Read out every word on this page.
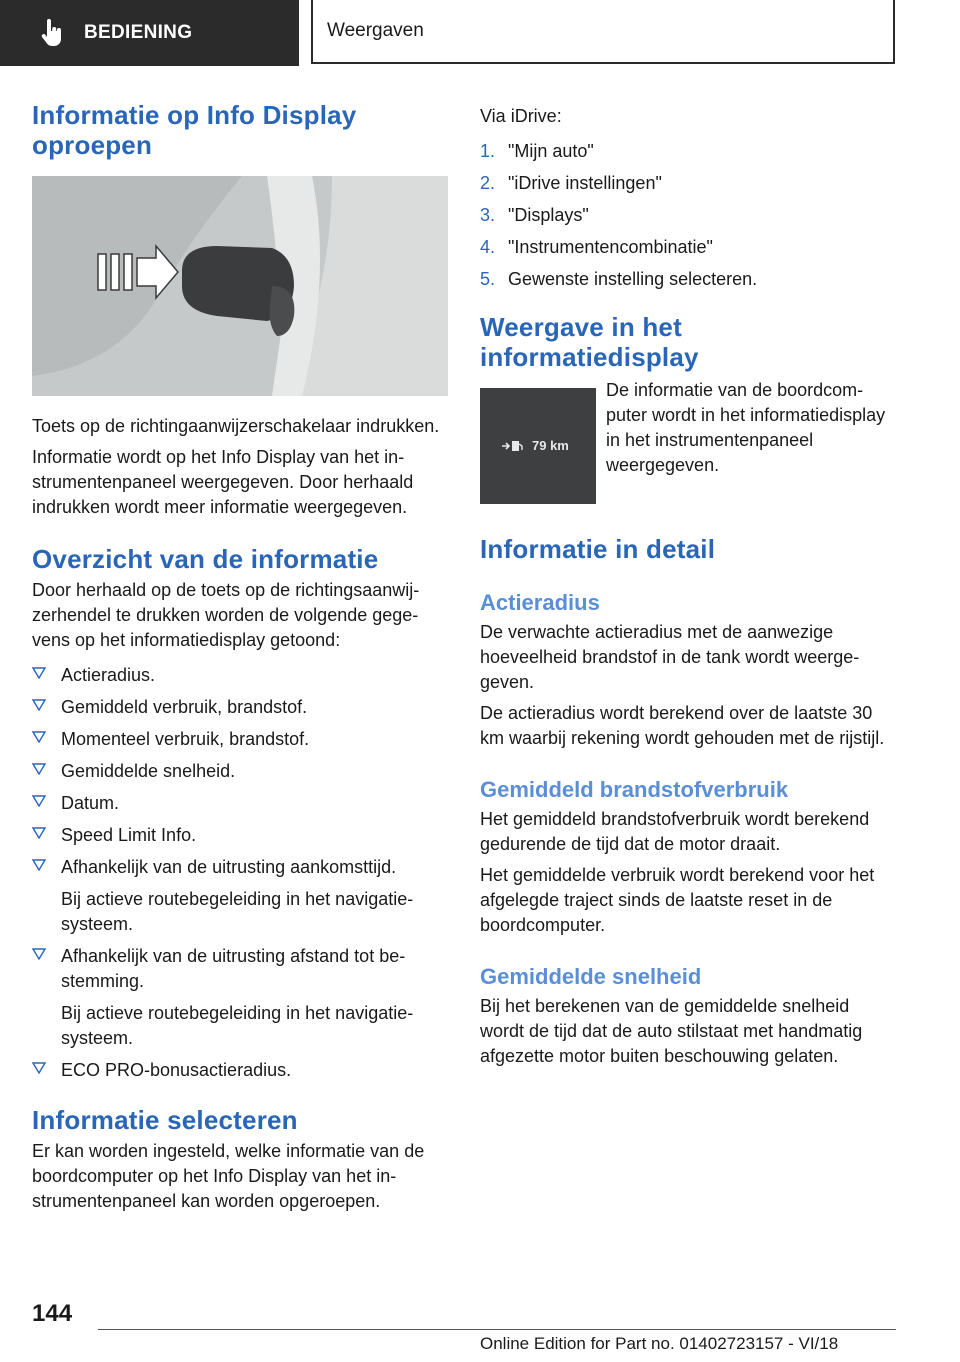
BEDIENING	Weergaven
Informatie op Info Display oproepen

Toets op de richtingaanwijzerschakelaar indrukken.

Informatie wordt op het Info Display van het instrumentenpaneel weergegeven. Door herhaald indrukken wordt meer informatie weergegeven.

Overzicht van de informatie

Door herhaald op de toets op de richtingsaanwijzerhendel te drukken worden de volgende gegevens op het informatiedisplay getoond:

Actieradius.
Gemiddeld verbruik, brandstof.
Momenteel verbruik, brandstof.
Gemiddelde snelheid.
Datum.
Speed Limit Info.
Afhankelijk van de uitrusting aankomsttijd.
Bij actieve routebegeleiding in het navigatiesysteem.
Afhankelijk van de uitrusting afstand tot bestemming.
Bij actieve routebegeleiding in het navigatiesysteem.
ECO PRO-bonusactieradius.
Informatie selecteren

Er kan worden ingesteld, welke informatie van de boordcomputer op het Info Display van het instrumentenpaneel kan worden opgeroepen.

Via iDrive:

1. "Mijn auto"
2. "iDrive instellingen"
3. "Displays"
4. "Instrumentencombinatie"
5. Gewenste instelling selecteren.
Weergave in het informatiedisplay
79 km

De informatie van de boordcomputer wordt in het informatiedisplay in het instrumentenpaneel weergegeven.

Informatie in detail
Actieradius

De verwachte actieradius met de aanwezige hoeveelheid brandstof in de tank wordt weergegeven.

De actieradius wordt berekend over de laatste 30 km waarbij rekening wordt gehouden met de rijstijl.

Gemiddeld brandstofverbruik

Het gemiddeld brandstofverbruik wordt berekend gedurende de tijd dat de motor draait.

Het gemiddelde verbruik wordt berekend voor het afgelegde traject sinds de laatste reset in de boordcomputer.

Gemiddelde snelheid

Bij het berekenen van de gemiddelde snelheid wordt de tijd dat de auto stilstaat met handmatig afgezette motor buiten beschouwing gelaten.

144
Online Edition for Part no. 01402723157 - VI/18
